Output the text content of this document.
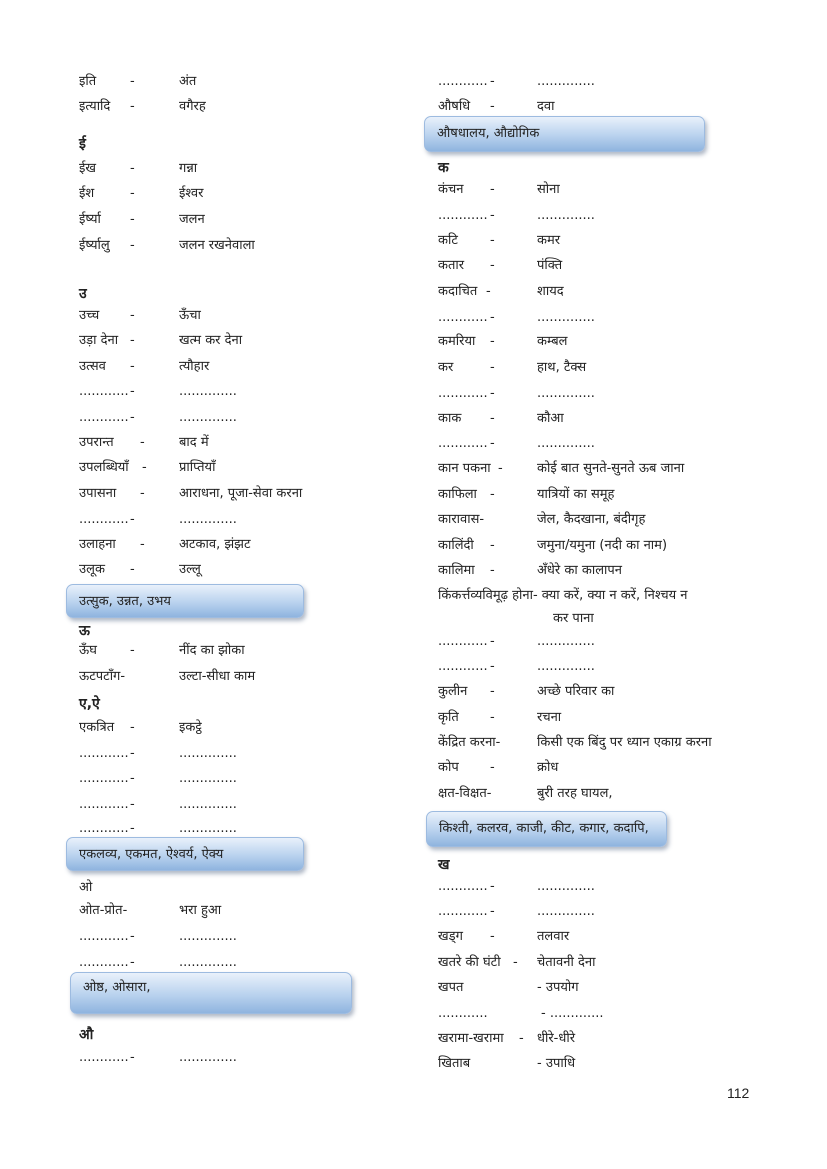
इति	-	अंत
इत्यादि -	वगैरह
ई
ईख	-	गन्ना
ईश	-	ईश्वर
ईर्ष्या -	जलन
ईर्ष्यालु -	जलन रखनेवाला
उ
उच्च -	ऊँचा
उड़ा देना -	खत्म कर देना
उत्सव -	त्यौहार
............ -	..............
............ -	..............
उपरान्त -	बाद में
उपलब्धियाँ - प्राप्तियाँ
उपासना -	आराधना, पूजा-सेवा करना
............ -	..............
उलाहना -	अटकाव, झंझट
उलूक -	उल्लू
उत्सुक, उन्नत, उभय
ऊ
ऊँघ	-	नींद का झोका
ऊटपटाँग-	उल्टा-सीधा काम
ए,ऐ
एकत्रित -	इकट्ठे
............ -	..............
............ -	..............
............ -	..............
............ -	..............
एकलव्य, एकमत, ऐश्वर्य, ऐक्य
ओ
ओत-प्रोत-	भरा हुआ
............ -	..............
............ -	..............
ओष्ठ, ओसारा,
औ
............ -	..............
............ -	..............
औषधि -	दवा
औषधालय, औद्योगिक
क
कंचन -	सोना
............ -	..............
कटि -	कमर
कतार -	पंक्ति
कदाचित -	शायद
............ -	..............
कमरिया -	कम्बल
कर	-	हाथ, टैक्स
............ -	..............
काक -	कौआ
............ -	..............
कान पकना -	कोई बात सुनते-सुनते ऊब जाना
काफिला -	यात्रियों का समूह
कारावास-	जेल, कैदखाना, बंदीगृह
कालिंदी -	जमुना/यमुना (नदी का नाम)
कालिमा -	अँधेरे का कालापन
किंकर्त्तव्यविमूढ़ होना- क्या करें, क्या न करें, निश्चय न
कर पाना
............ -	..............
............ -	..............
कुलीन -	अच्छे परिवार का
कृति -	रचना
केंद्रित करना-	किसी एक बिंदु पर ध्यान एकाग्र करना
कोप -	क्रोध
क्षत-विक्षत-	बुरी तरह घायल,
किश्ती, कलरव, काजी, कीट, कगार, कदापि,
ख
............ -	..............
............ -	..............
खड्ग -	तलवार
खतरे की घंटी - चेतावनी देना
खपत	- उपयोग
............	- .............
खरामा-खरामा - धीरे-धीरे
खिताब	- उपाधि
112
